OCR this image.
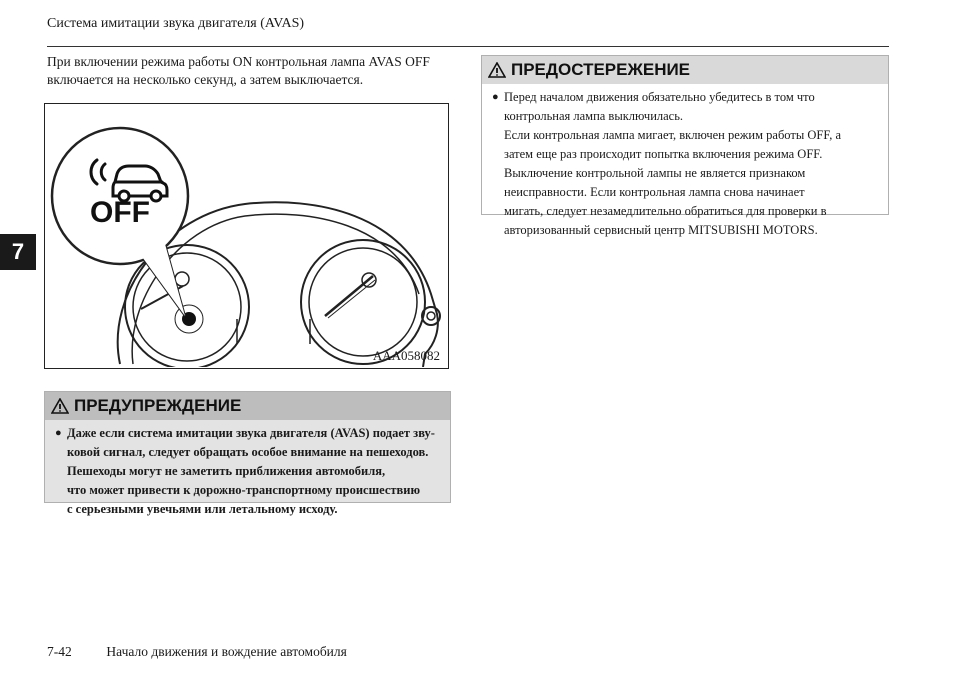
Система имитации звука двигателя (AVAS)
7
При включении режима работы ON контрольная лампа AVAS OFF включается на несколько секунд, а затем выключается.
OFF
AAA058082
ПРЕДУПРЕЖДЕНИЕ
● Даже если система имитации звука двигателя (AVAS) подает зву-
ковой сигнал, следует обращать особое внимание на пешеходов.
Пешеходы могут не заметить приближения автомобиля,
что может привести к дорожно-транспортному происшествию
с серьезными увечьями или летальному исходу.
ПРЕДОСТЕРЕЖЕНИЕ
● Перед началом движения обязательно убедитесь в том что
контрольная лампа выключилась.
Если контрольная лампа мигает, включен режим работы OFF, а
затем еще раз происходит попытка включения режима OFF.
Выключение контрольной лампы не является признаком
неисправности. Если контрольная лампа снова начинает
мигать, следует незамедлительно обратиться для проверки в
авторизованный сервисный центр MITSUBISHI MOTORS.
7-42	Начало движения и вождение автомобиля
